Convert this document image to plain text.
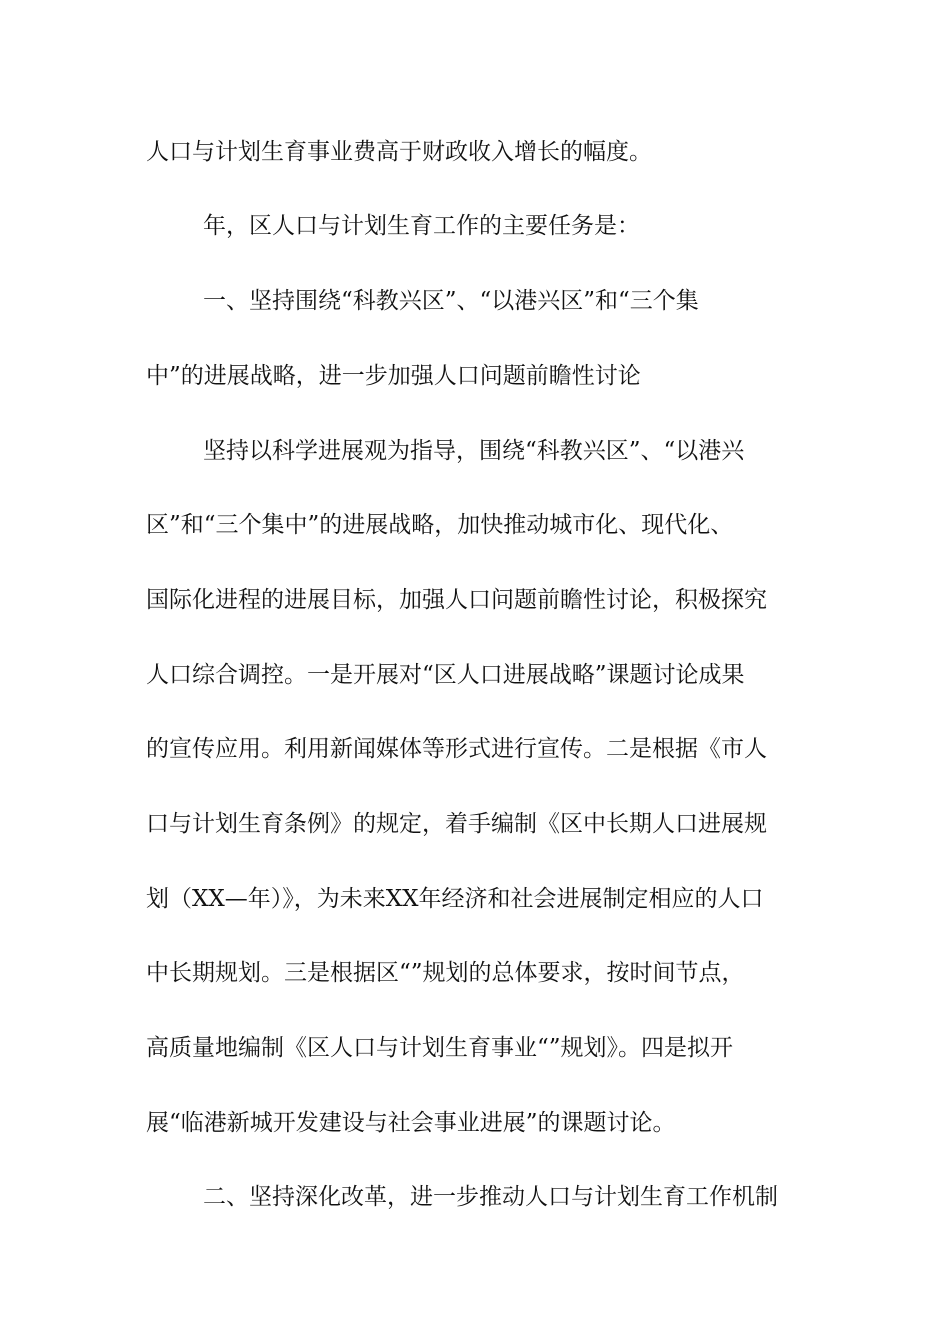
人口与计划生育事业费高于财政收入增长的幅度。
年，区人口与计划生育工作的主要任务是：
一、坚持围绕“科教兴区”、“以港兴区”和“三个集
中”的进展战略，进一步加强人口问题前瞻性讨论
坚持以科学进展观为指导，围绕“科教兴区”、“以港兴
区”和“三个集中”的进展战略，加快推动城市化、现代化、
国际化进程的进展目标，加强人口问题前瞻性讨论，积极探究
人口综合调控。一是开展对“区人口进展战略”课题讨论成果
的宣传应用。利用新闻媒体等形式进行宣传。二是根据《市人
口与计划生育条例》的规定，着手编制《区中长期人口进展规
划（XX—年）》，为未来XX年经济和社会进展制定相应的人口
中长期规划。三是根据区“”规划的总体要求，按时间节点，
高质量地编制《区人口与计划生育事业“”规划》。四是拟开
展“临港新城开发建设与社会事业进展”的课题讨论。
二、坚持深化改革，进一步推动人口与计划生育工作机制
